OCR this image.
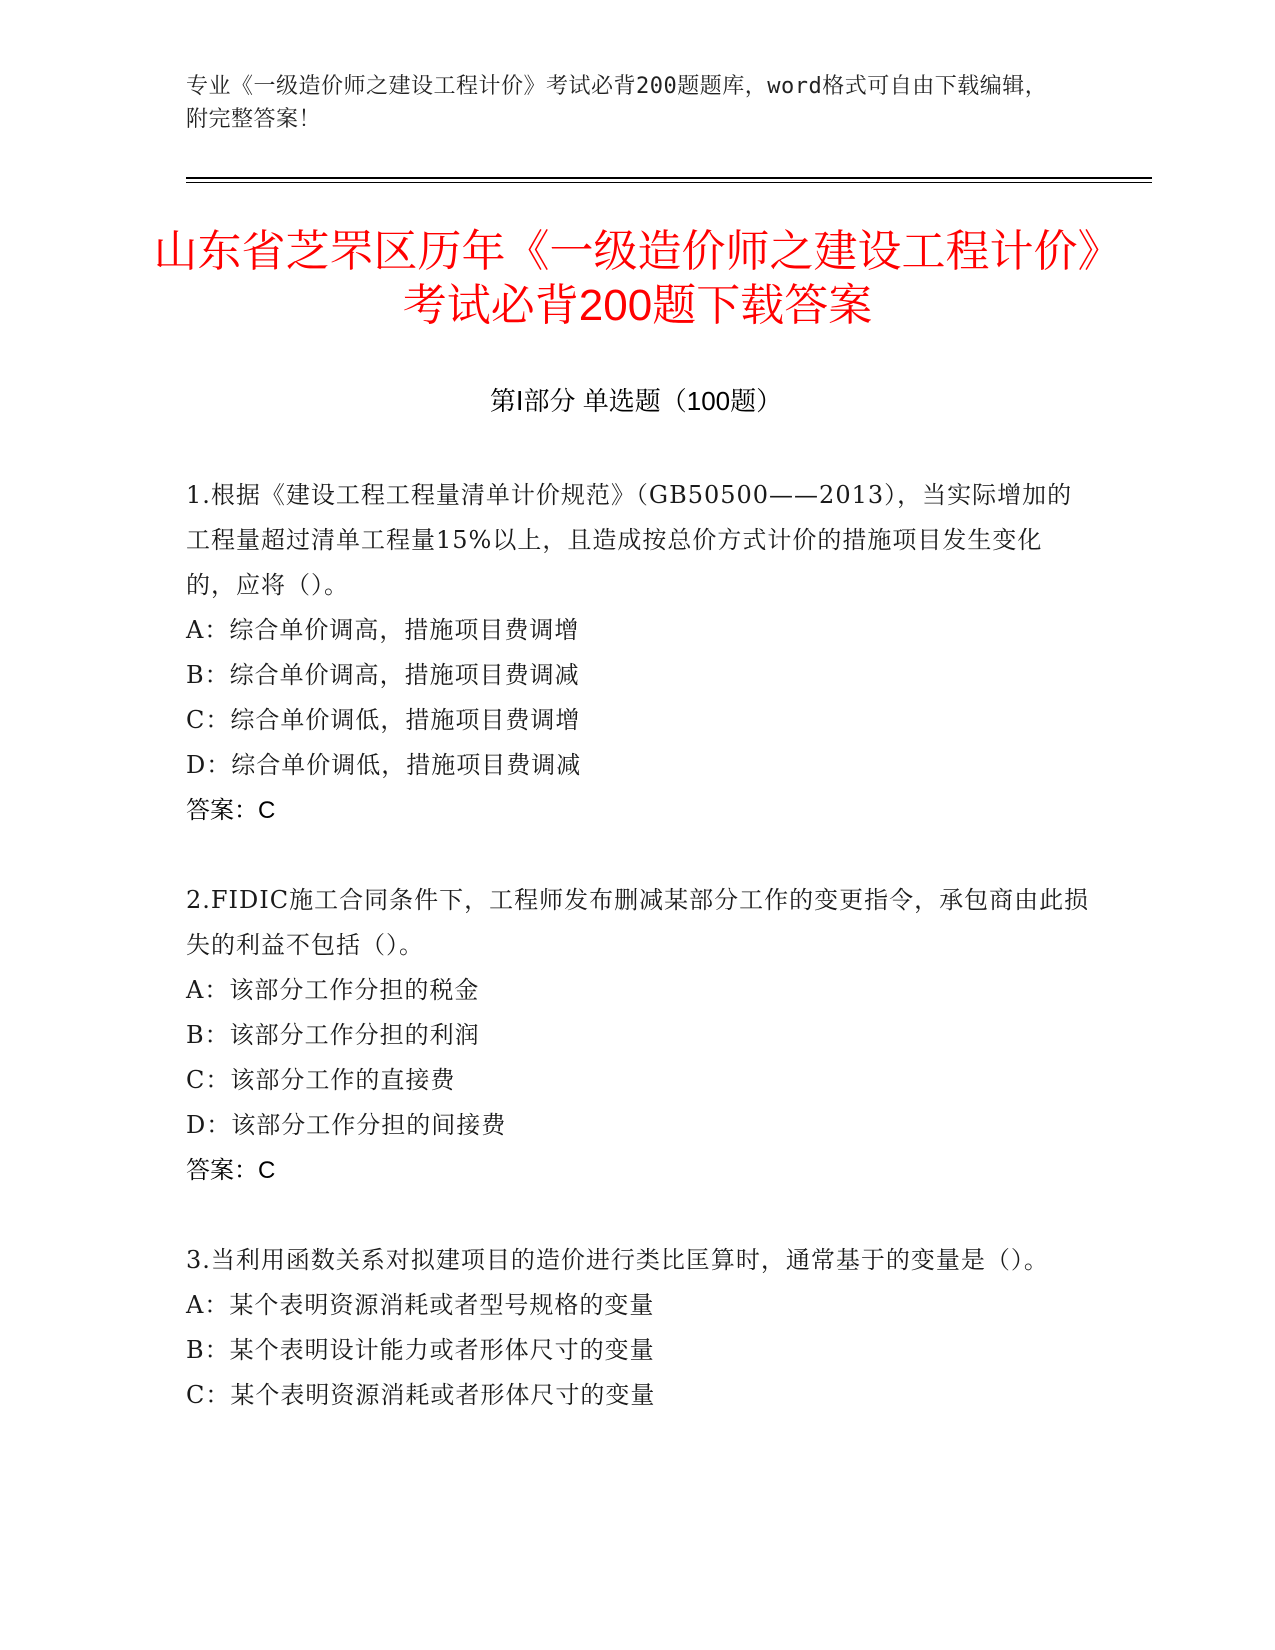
专业《一级造价师之建设工程计价》考试必背200题题库，word格式可自由下载编辑，附完整答案！
山东省芝罘区历年《一级造价师之建设工程计价》考试必背200题下载答案
第Ⅰ部分 单选题（100题）
1.根据《建设工程工程量清单计价规范》（GB50500——2013），当实际增加的工程量超过清单工程量15%以上，且造成按总价方式计价的措施项目发生变化的，应将（）。
A：综合单价调高，措施项目费调增
B：综合单价调高，措施项目费调减
C：综合单价调低，措施项目费调增
D：综合单价调低，措施项目费调减
答案：C
2.FIDIC施工合同条件下，工程师发布删减某部分工作的变更指令，承包商由此损失的利益不包括（）。
A：该部分工作分担的税金
B：该部分工作分担的利润
C：该部分工作的直接费
D：该部分工作分担的间接费
答案：C
3.当利用函数关系对拟建项目的造价进行类比匡算时，通常基于的变量是（）。
A：某个表明资源消耗或者型号规格的变量
B：某个表明设计能力或者形体尺寸的变量
C：某个表明资源消耗或者形体尺寸的变量
